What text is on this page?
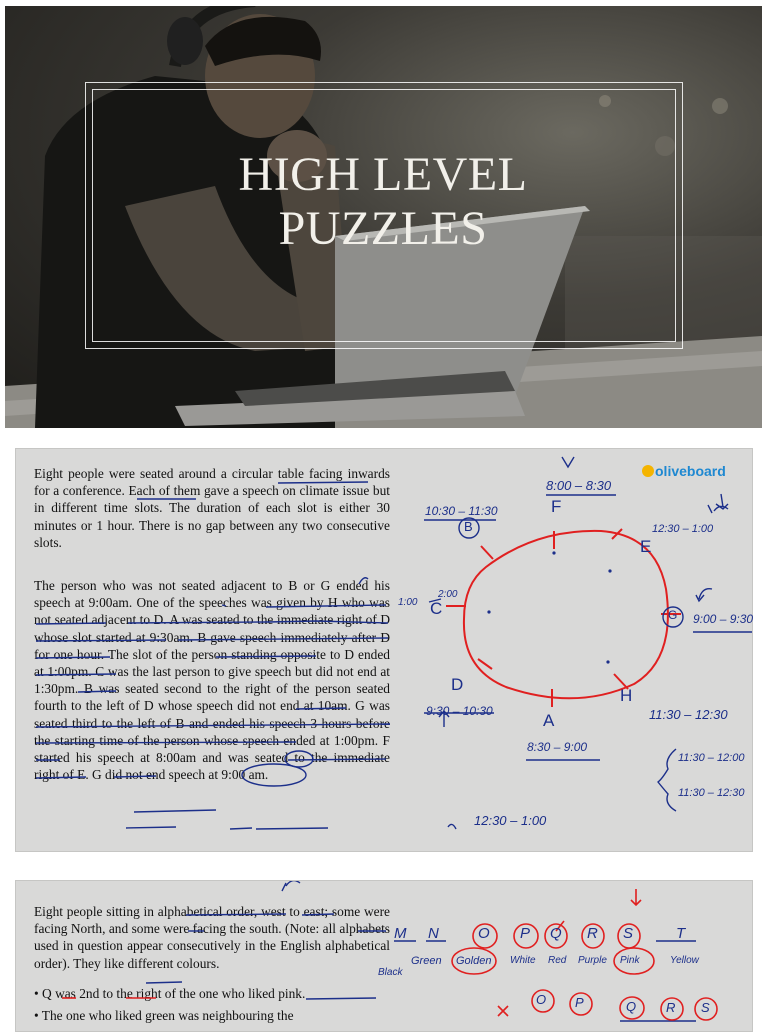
HIGH LEVEL
PUZZLES
Eight people were seated around a circular table facing inwards for a conference. Each of them gave a speech on climate issue but in different time slots. The duration of each slot is either 30 minutes or 1 hour. There is no gap between any two consecutive slots.
The person who was not seated adjacent to B or G ended his speech at 9:00am. One of the speeches was given by H who was not seated adjacent to D. A was seated to the immediate right of D whose slot started at 9:30am. B gave speech immediately after D for one hour. The slot of the person standing opposite to D ended at 1:00pm. C was the last person to give speech but did not end at 1:30pm. B was seated second to the right of the person seated fourth to the left of D whose speech did not end at 10am. G was seated third to the left of B and ended his speech 3 hours before the starting time of the person whose speech ended at 1:00pm. F started his speech at 8:00am and was seated to the immediate right of E. G did not end speech at 9:00 am.
oliveboard
F
E
G
H
A
D
C
B
8:00 – 8:30
10:30 – 11:30
12:30 – 1:00
1:00
2:00
9:00 – 9:30
9:30 – 10:30
8:30 – 9:00
11:30 – 12:30
11:30 – 12:00
11:30 – 12:30
12:30 – 1:00
Eight people sitting in alphabetical order, west to east; some were facing North, and some were facing the south. (Note: all alphabets used in question appear consecutively in the English alphabetical order). They like different colours.
• Q was 2nd to the right of the one who liked pink.
• The one who liked green was neighbouring the
M N	O P Q R S	T
Black
Green Golden White Red Purple Pink	Yellow
O P	Q R S
